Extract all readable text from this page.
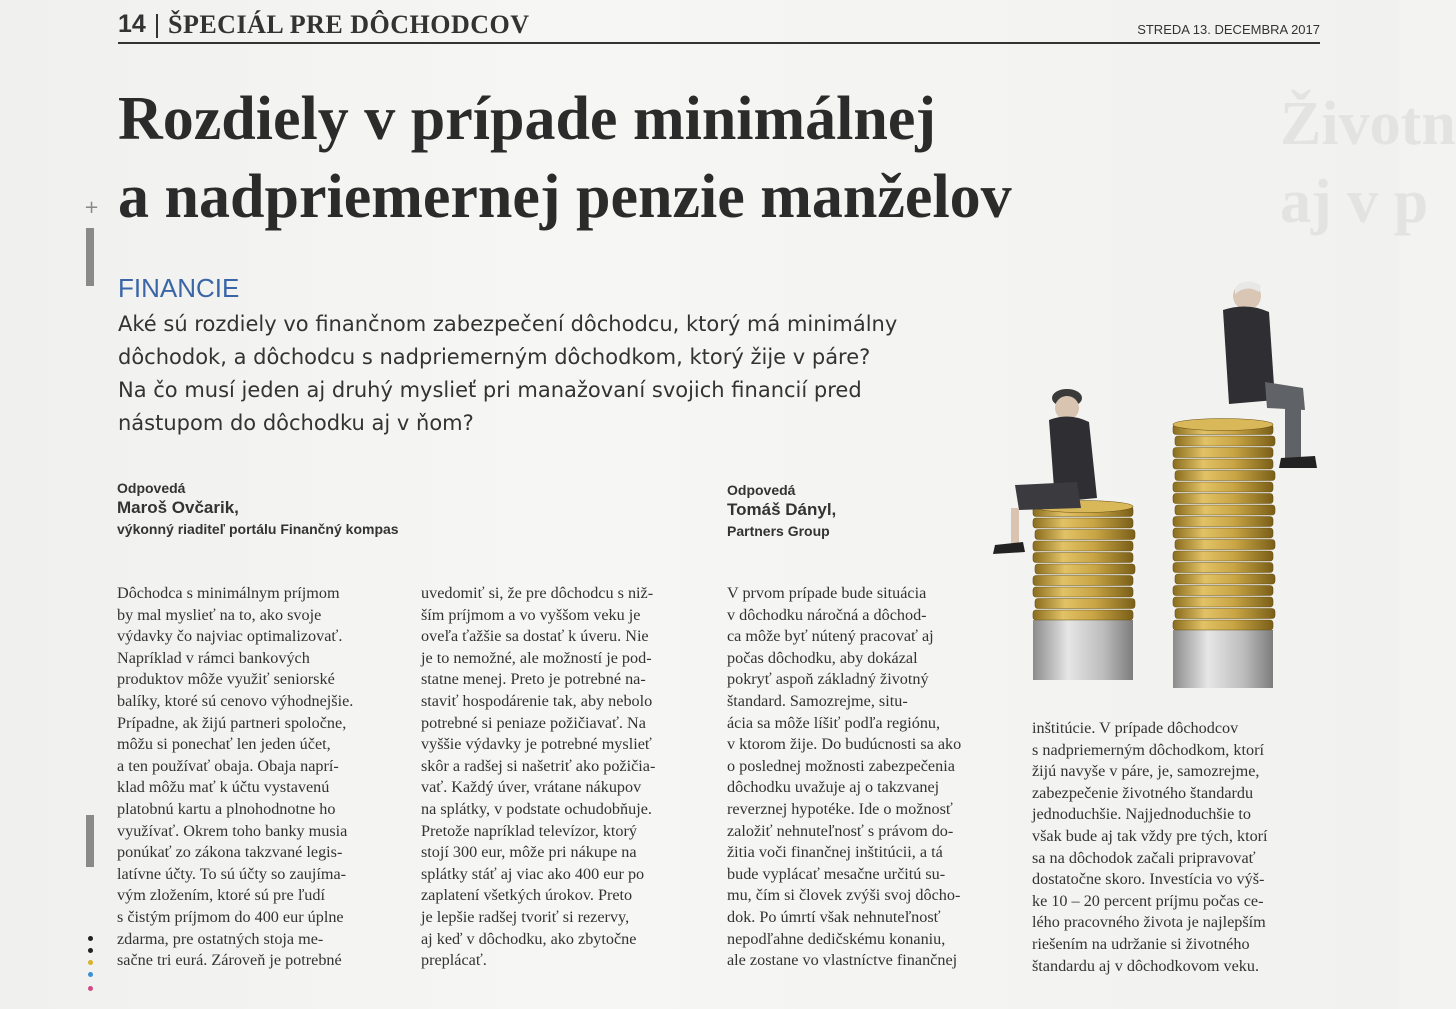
14 ŠPECIÁL PRE DÔCHODCOV	STREDA 13. DECEMBRA 2017
Životn
aj v p
Rozdiely v prípade minimálnej
a nadpriemernej penzie manželov
FINANCIE
Aké sú rozdiely vo finančnom zabezpečení dôchodcu, ktorý má minimálny
dôchodok, a dôchodcu s nadpriemerným dôchodkom, ktorý žije v páre?
Na čo musí jeden aj druhý myslieť pri manažovaní svojich financií pred
nástupom do dôchodku aj v ňom?
Odpovedá
Maroš Ovčarik,
výkonný riaditeľ portálu Finančný kompas
Odpovedá
Tomáš Dányl,
Partners Group

Dôchodca s minimálnym príjmom

by mal myslieť na to, ako svoje

výdavky čo najviac optimalizovať.

Napríklad v rámci bankových

produktov môže využiť seniorské

balíky, ktoré sú cenovo výhodnejšie.

Prípadne, ak žijú partneri spoločne,

môžu si ponechať len jeden účet,

a ten používať obaja. Obaja naprí-

klad môžu mať k účtu vystavenú

platobnú kartu a plnohodnotne ho

využívať. Okrem toho banky musia

ponúkať zo zákona takzvané legis-

latívne účty. To sú účty so zaujíma-

vým zložením, ktoré sú pre ľudí

s čistým príjmom do 400 eur úplne

zdarma, pre ostatných stoja me-

sačne tri eurá. Zároveň je potrebné

uvedomiť si, že pre dôchodcu s niž-

ším príjmom a vo vyššom veku je

oveľa ťažšie sa dostať k úveru. Nie

je to nemožné, ale možností je pod-

statne menej. Preto je potrebné na-

staviť hospodárenie tak, aby nebolo

potrebné si peniaze požičiavať. Na

vyššie výdavky je potrebné myslieť

skôr a radšej si našetriť ako požičia-

vať. Každý úver, vrátane nákupov

na splátky, v podstate ochudobňuje.

Pretože napríklad televízor, ktorý

stojí 300 eur, môže pri nákupe na

splátky stáť aj viac ako 400 eur po

zaplatení všetkých úrokov. Preto

je lepšie radšej tvoriť si rezervy,

aj keď v dôchodku, ako zbytočne

preplácať.

V prvom prípade bude situácia

v dôchodku náročná a dôchod-

ca môže byť nútený pracovať aj

počas dôchodku, aby dokázal

pokryť aspoň základný životný

štandard. Samozrejme, situ-

ácia sa môže líšiť podľa regiónu,

v ktorom žije. Do budúcnosti sa ako

o poslednej možnosti zabezpečenia

dôchodku uvažuje aj o takzvanej

reverznej hypotéke. Ide o možnosť

založiť nehnuteľnosť s právom do-

žitia voči finančnej inštitúcii, a tá

bude vyplácať mesačne určitú su-

mu, čím si človek zvýši svoj dôcho-

dok. Po úmrtí však nehnuteľnosť

nepodľahne dedičskému konaniu,

ale zostane vo vlastníctve finančnej

inštitúcie. V prípade dôchodcov

s nadpriemerným dôchodkom, ktorí

žijú navyše v páre, je, samozrejme,

zabezpečenie životného štandardu

jednoduchšie. Najjednoduchšie to

však bude aj tak vždy pre tých, ktorí

sa na dôchodok začali pripravovať

dostatočne skoro. Investícia vo výš-

ke 10 – 20 percent príjmu počas ce-

lého pracovného života je najlepším

riešením na udržanie si životného

štandardu aj v dôchodkovom veku.

+
